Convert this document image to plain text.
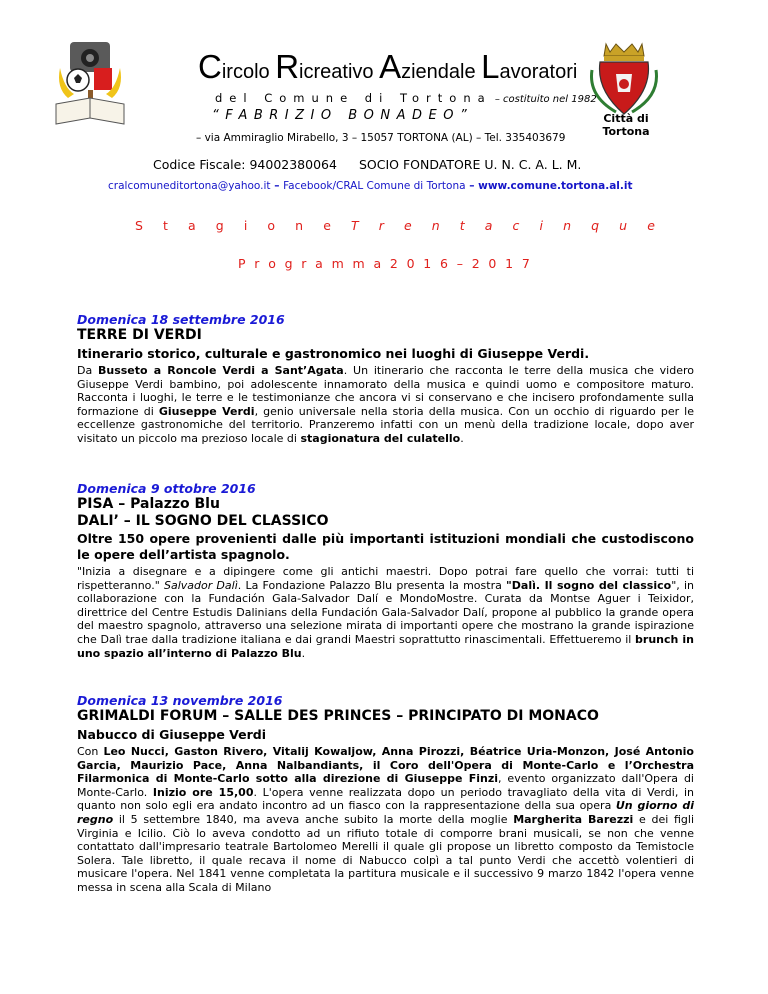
Circolo Ricreativo Aziendale Lavoratori
del Comune di Tortona – costituito nel 1982
“FABRIZIO BONADEO”
– via Ammiraglio Mirabello, 3 – 15057 TORTONA (AL) – Tel. 335403679
Città di Tortona
Codice Fiscale: 94002380064 SOCIO FONDATORE U. N. C. A. L. M.
cralcomuneditortona@yahoo.it – Facebook/CRAL Comune di Tortona – www.comune.tortona.al.it
S t a g i o n e T r e n t a c i n q u e
P r o g r a m m a 2 0 1 6 – 2 0 1 7
Domenica 18 settembre 2016
TERRE DI VERDI
Itinerario storico, culturale e gastronomico nei luoghi di Giuseppe Verdi.
Da Busseto a Roncole Verdi a Sant’Agata. Un itinerario che racconta le terre della musica che videro Giuseppe Verdi bambino, poi adolescente innamorato della musica e quindi uomo e compositore maturo. Racconta i luoghi, le terre e le testimonianze che ancora vi si conservano e che incisero profondamente sulla formazione di Giuseppe Verdi, genio universale nella storia della musica. Con un occhio di riguardo per le eccellenze gastronomiche del territorio. Pranzeremo infatti con un menù della tradizione locale, dopo aver visitato un piccolo ma prezioso locale di stagionatura del culatello.
Domenica 9 ottobre 2016
PISA – Palazzo Blu
DALI’ – IL SOGNO DEL CLASSICO
Oltre 150 opere provenienti dalle più importanti istituzioni mondiali che custodiscono le opere dell’artista spagnolo.
"Inizia a disegnare e a dipingere come gli antichi maestri. Dopo potrai fare quello che vorrai: tutti ti rispetteranno." Salvador Dalì. La Fondazione Palazzo Blu presenta la mostra "Dalì. Il sogno del classico", in collaborazione con la Fundación Gala-Salvador Dalí e MondoMostre. Curata da Montse Aguer i Teixidor, direttrice del Centre Estudis Dalinians della Fundación Gala-Salvador Dalí, propone al pubblico la grande opera del maestro spagnolo, attraverso una selezione mirata di importanti opere che mostrano la grande ispirazione che Dalì trae dalla tradizione italiana e dai grandi Maestri soprattutto rinascimentali. Effettueremo il brunch in uno spazio all’interno di Palazzo Blu.
Domenica 13 novembre 2016
GRIMALDI FORUM – SALLE DES PRINCES – PRINCIPATO DI MONACO
Nabucco di Giuseppe Verdi
Con Leo Nucci, Gaston Rivero, Vitalij Kowaljow, Anna Pirozzi, Béatrice Uria-Monzon, José Antonio Garcia, Maurizio Pace, Anna Nalbandiants, il Coro dell'Opera di Monte-Carlo e l’Orchestra Filarmonica di Monte-Carlo sotto alla direzione di Giuseppe Finzi, evento organizzato dall'Opera di Monte-Carlo. Inizio ore 15,00. L'opera venne realizzata dopo un periodo travagliato della vita di Verdi, in quanto non solo egli era andato incontro ad un fiasco con la rappresentazione della sua opera Un giorno di regno il 5 settembre 1840, ma aveva anche subito la morte della moglie Margherita Barezzi e dei figli Virginia e Icilio. Ciò lo aveva condotto ad un rifiuto totale di comporre brani musicali, se non che venne contattato dall'impresario teatrale Bartolomeo Merelli il quale gli propose un libretto composto da Temistocle Solera. Tale libretto, il quale recava il nome di Nabucco colpì a tal punto Verdi che accettò volentieri di musicare l'opera. Nel 1841 venne completata la partitura musicale e il successivo 9 marzo 1842 l'opera venne messa in scena alla Scala di Milano
